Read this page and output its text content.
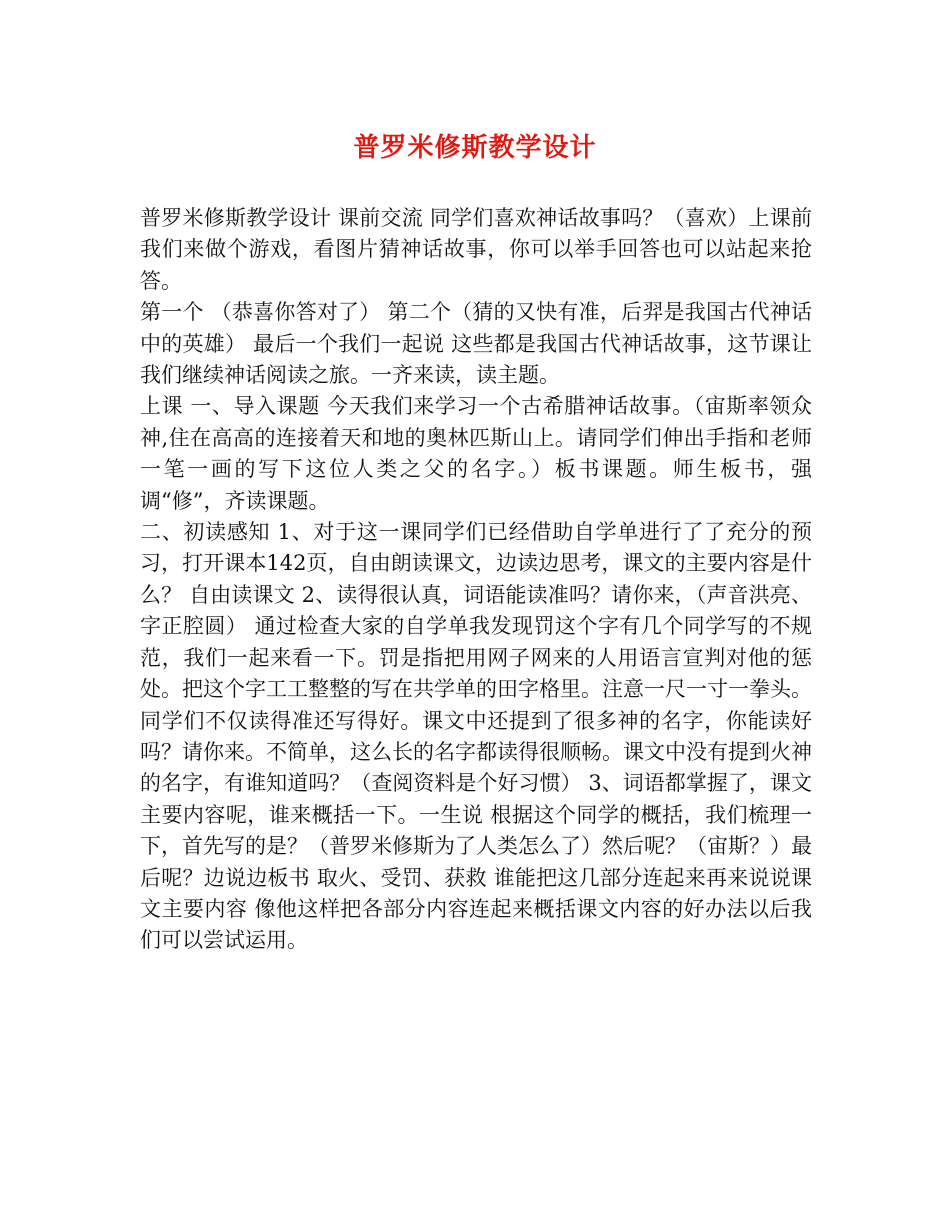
普罗米修斯教学设计

普罗米修斯教学设计 课前交流 同学们喜欢神话故事吗？（喜欢）上课前我们来做个游戏，看图片猜神话故事，你可以举手回答也可以站起来抢答。

第一个 （恭喜你答对了） 第二个（猜的又快有准，后羿是我国古代神话中的英雄） 最后一个我们一起说 这些都是我国古代神话故事，这节课让我们继续神话阅读之旅。一齐来读，读主题。

上课 一、导入课题 今天我们来学习一个古希腊神话故事。（宙斯率领众神,住在高高的连接着天和地的奥林匹斯山上。请同学们伸出手指和老师一笔一画的写下这位人类之父的名字。）板书课题。师生板书，强调“修”，齐读课题。

二、初读感知 1、对于这一课同学们已经借助自学单进行了了充分的预习，打开课本142页，自由朗读课文，边读边思考，课文的主要内容是什么？ 自由读课文 2、读得很认真，词语能读准吗？请你来，（声音洪亮、字正腔圆） 通过检查大家的自学单我发现罚这个字有几个同学写的不规范，我们一起来看一下。罚是指把用网子网来的人用语言宣判对他的惩处。把这个字工工整整的写在共学单的田字格里。注意一尺一寸一拳头。

同学们不仅读得准还写得好。课文中还提到了很多神的名字，你能读好吗？请你来。不简单，这么长的名字都读得很顺畅。课文中没有提到火神的名字，有谁知道吗？（查阅资料是个好习惯） 3、词语都掌握了，课文主要内容呢，谁来概括一下。一生说 根据这个同学的概括，我们梳理一下，首先写的是？（普罗米修斯为了人类怎么了）然后呢？（宙斯？）最后呢？边说边板书 取火、受罚、获救 谁能把这几部分连起来再来说说课文主要内容 像他这样把各部分内容连起来概括课文内容的好办法以后我们可以尝试运用。
